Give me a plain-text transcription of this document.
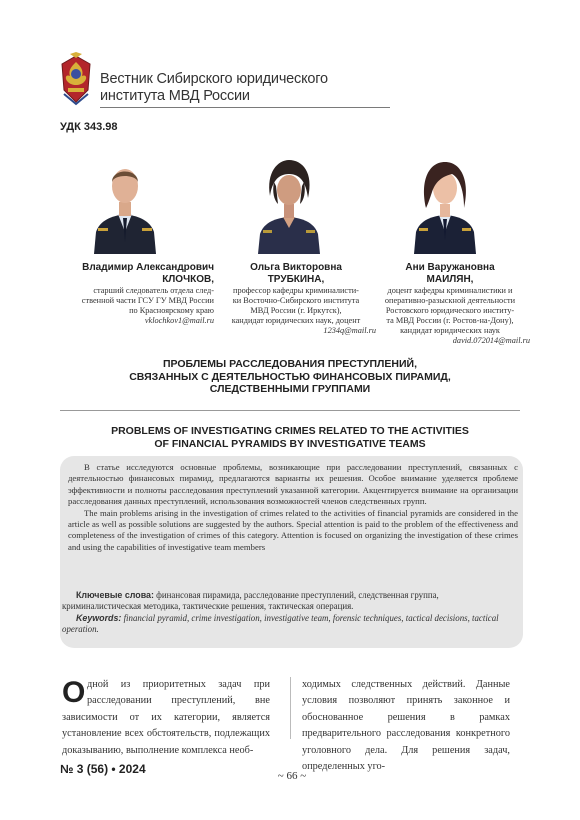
Вестник Сибирского юридического
института МВД России
УДК 343.98
Владимир Александрович
КЛОЧКОВ,
старший следователь отдела след-
ственной части ГСУ ГУ МВД России
по Красноярскому краю
vklochkov1@mail.ru
Ольга Викторовна
ТРУБКИНА,
профессор кафедры криминалисти-
ки Восточно-Сибирского института
МВД России (г. Иркутск),
кандидат юридических наук, доцент
1234q@mail.ru
Ани Варужановна
МАИЛЯН,
доцент кафедры криминалистики и
оперативно-разыскной деятельности
Ростовского юридического институ-
та МВД России (г. Ростов-на-Дону),
кандидат юридических наук
david.072014@mail.ru
ПРОБЛЕМЫ РАССЛЕДОВАНИЯ ПРЕСТУПЛЕНИЙ,
СВЯЗАННЫХ С ДЕЯТЕЛЬНОСТЬЮ ФИНАНСОВЫХ ПИРАМИД,
СЛЕДСТВЕННЫМИ ГРУППАМИ
PROBLEMS OF INVESTIGATING CRIMES RELATED TO THE ACTIVITIES
OF FINANCIAL PYRAMIDS BY INVESTIGATIVE TEAMS

В статье исследуются основные проблемы, возникающие при расследовании преступлений, связанных с деятельностью финансовых пирамид, предлагаются варианты их решения. Особое внимание уделяется проблеме эффективности и полноты расследования преступлений указанной категории. Акцентируется внимание на организации расследования данных преступлений, использования возможностей членов следственных групп.

The main problems arising in the investigation of crimes related to the activities of financial pyramids are considered in the article as well as possible solutions are suggested by the authors. Special attention is paid to the problem of the effectiveness and completeness of the investigation of crimes of this category. Attention is focused on organizing the investigation of these crimes and using the capabilities of investigative team members

Ключевые слова: финансовая пирамида, расследование преступлений, следственная группа, криминалистическая методика, тактические решения, тактическая операция.

Keywords: financial pyramid, crime investigation, investigative team, forensic techniques, tactical decisions, tactical operation.

Одной из приоритетных задач при расследовании преступлений, вне зависимости от их категории, является установление всех обстоятельств, подлежащих доказыванию, выполнение комплекса необ-
ходимых следственных действий. Данные условия позволяют принять законное и обоснованное решения в рамках предварительного расследования конкретного уголовного дела. Для решения задач, определенных уго-
№ 3 (56) • 2024	~ 66 ~
